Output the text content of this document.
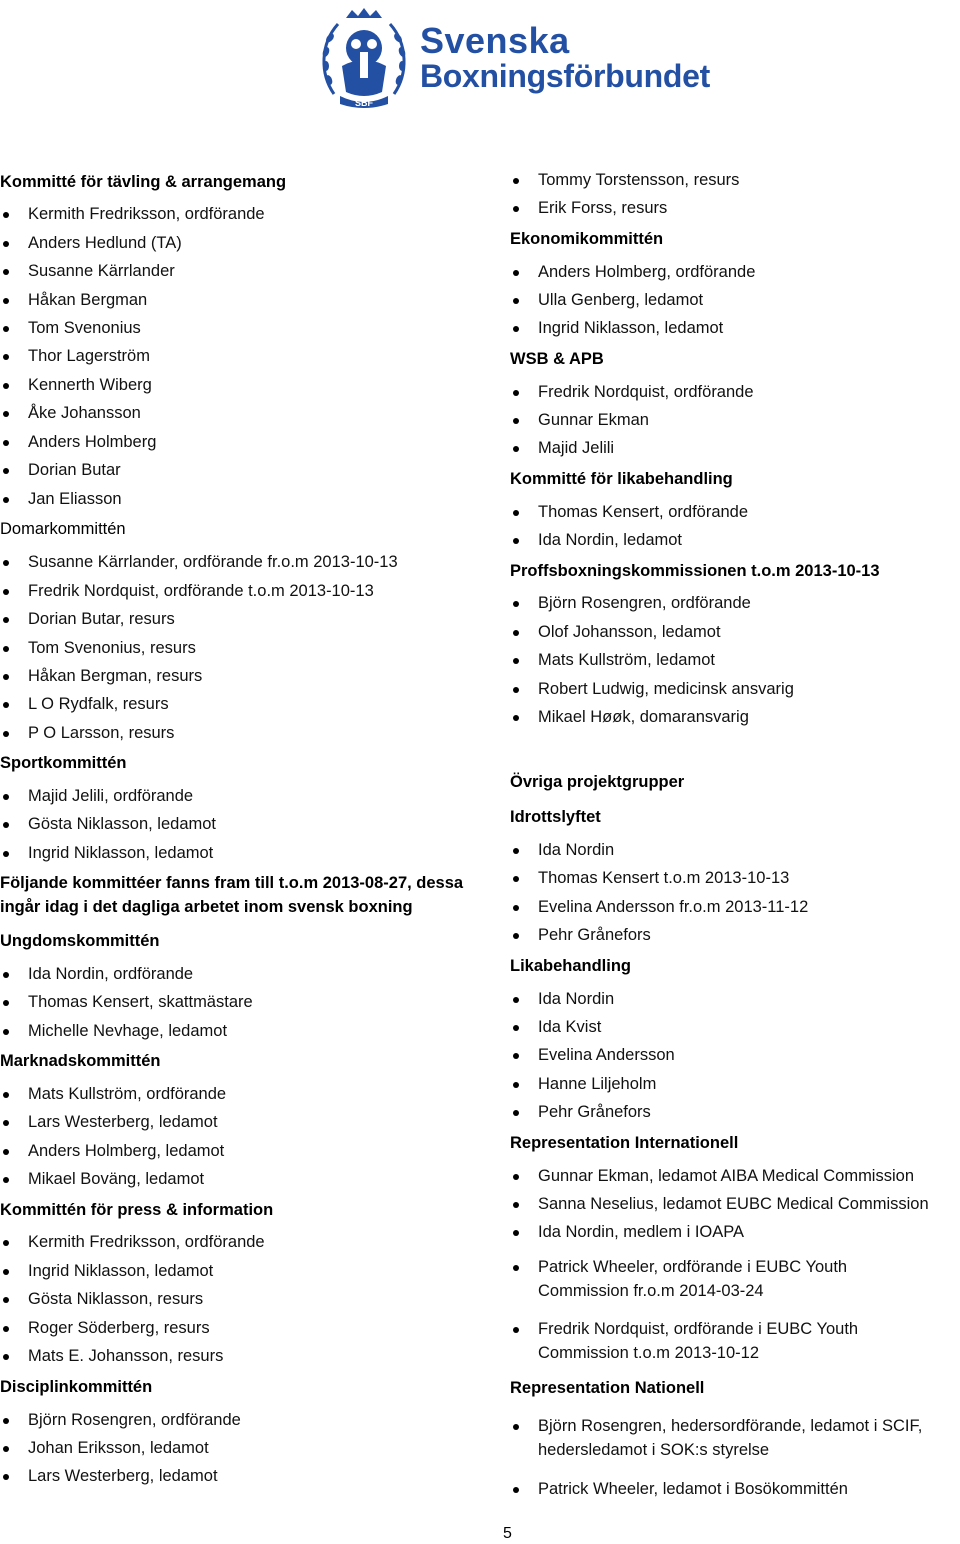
SBF
Svenska
Boxningsförbundet
Kommitté för tävling & arrangemang
Kermith Fredriksson, ordförande
Anders Hedlund (TA)
Susanne Kärrlander
Håkan Bergman
Tom Svenonius
Thor Lagerström
Kennerth Wiberg
Åke Johansson
Anders Holmberg
Dorian Butar
Jan Eliasson
Domarkommittén
Susanne Kärrlander, ordförande fr.o.m 2013-10-13
Fredrik Nordquist, ordförande t.o.m 2013-10-13
Dorian Butar, resurs
Tom Svenonius, resurs
Håkan Bergman, resurs
L O Rydfalk, resurs
P O Larsson, resurs
Sportkommittén
Majid Jelili, ordförande
Gösta Niklasson, ledamot
Ingrid Niklasson, ledamot
Följande kommittéer fanns fram till t.o.m 2013-08-27, dessa
ingår idag i det dagliga arbetet inom svensk boxning
Ungdomskommittén
Ida Nordin, ordförande
Thomas Kensert, skattmästare
Michelle Nevhage, ledamot
Marknadskommittén
Mats Kullström, ordförande
Lars Westerberg, ledamot
Anders Holmberg, ledamot
Mikael Boväng, ledamot
Kommittén för press & information
Kermith Fredriksson, ordförande
Ingrid Niklasson, ledamot
Gösta Niklasson, resurs
Roger Söderberg, resurs
Mats E. Johansson, resurs
Disciplinkommittén
Björn Rosengren, ordförande
Johan Eriksson, ledamot
Lars Westerberg, ledamot
Tommy Torstensson, resurs
Erik Forss, resurs
Ekonomikommittén
Anders Holmberg, ordförande
Ulla Genberg, ledamot
Ingrid Niklasson, ledamot
WSB & APB
Fredrik Nordquist, ordförande
Gunnar Ekman
Majid Jelili
Kommitté för likabehandling
Thomas Kensert, ordförande
Ida Nordin, ledamot
Proffsboxningskommissionen t.o.m 2013-10-13
Björn Rosengren, ordförande
Olof Johansson, ledamot
Mats Kullström, ledamot
Robert Ludwig, medicinsk ansvarig
Mikael Høøk, domaransvarig
Övriga projektgrupper
Idrottslyftet
Ida Nordin
Thomas Kensert t.o.m 2013-10-13
Evelina Andersson fr.o.m 2013-11-12
Pehr Grånefors
Likabehandling
Ida Nordin
Ida Kvist
Evelina Andersson
Hanne Liljeholm
Pehr Grånefors
Representation Internationell
Gunnar Ekman, ledamot AIBA Medical Commission
Sanna Neselius, ledamot EUBC Medical Commission
Ida Nordin, medlem i IOAPA
Patrick Wheeler, ordförande i EUBC Youth Commission fr.o.m 2014-03-24
Fredrik Nordquist, ordförande i EUBC Youth Commission t.o.m 2013-10-12
Representation Nationell
Björn Rosengren, hedersordförande, ledamot i SCIF, hedersledamot i SOK:s styrelse
Patrick Wheeler, ledamot i Bosökommittén
5
